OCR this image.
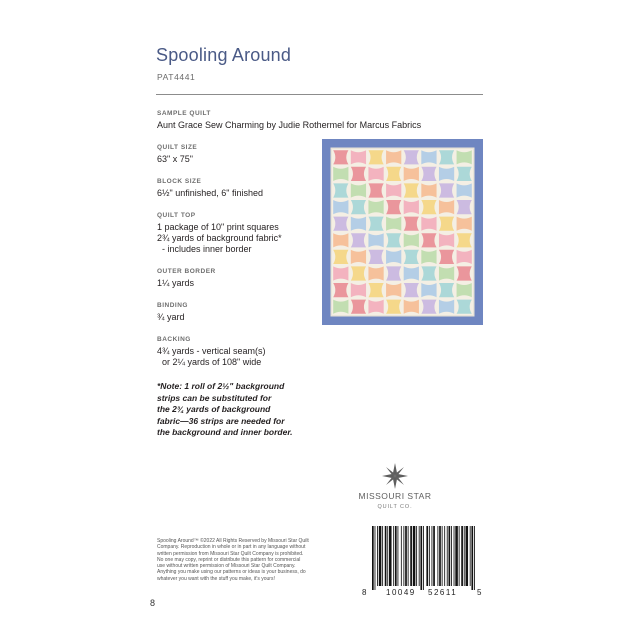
Spooling Around
PAT4441
SAMPLE QUILT
Aunt Grace Sew Charming by Judie Rothermel for Marcus Fabrics
QUILT SIZE
63" x 75"
BLOCK SIZE
6½" unfinished, 6" finished
QUILT TOP
1 package of 10" print squares
2¾ yards of background fabric*
- includes inner border
OUTER BORDER
1¼ yards
BINDING
¾ yard
BACKING
4¾ yards - vertical seam(s)
or 2¼ yards of 108" wide
*Note: 1 roll of 2½" background
strips can be substituted for
the 2¾ yards of background
fabric—36 strips are needed for
the background and inner border.
MISSOURI STAR
QUILT CO.
8 10049 52611 5
Spooling Around™ ©2022 All Rights Reserved by Missouri Star Quilt
Company. Reproduction in whole or in part in any language without
written permission from Missouri Star Quilt Company is prohibited.
No one may copy, reprint or distribute this pattern for commercial
use without written permission of Missouri Star Quilt Company.
Anything you make using our patterns or ideas is your business, do
whatever you want with the stuff you make, it's yours!
8
